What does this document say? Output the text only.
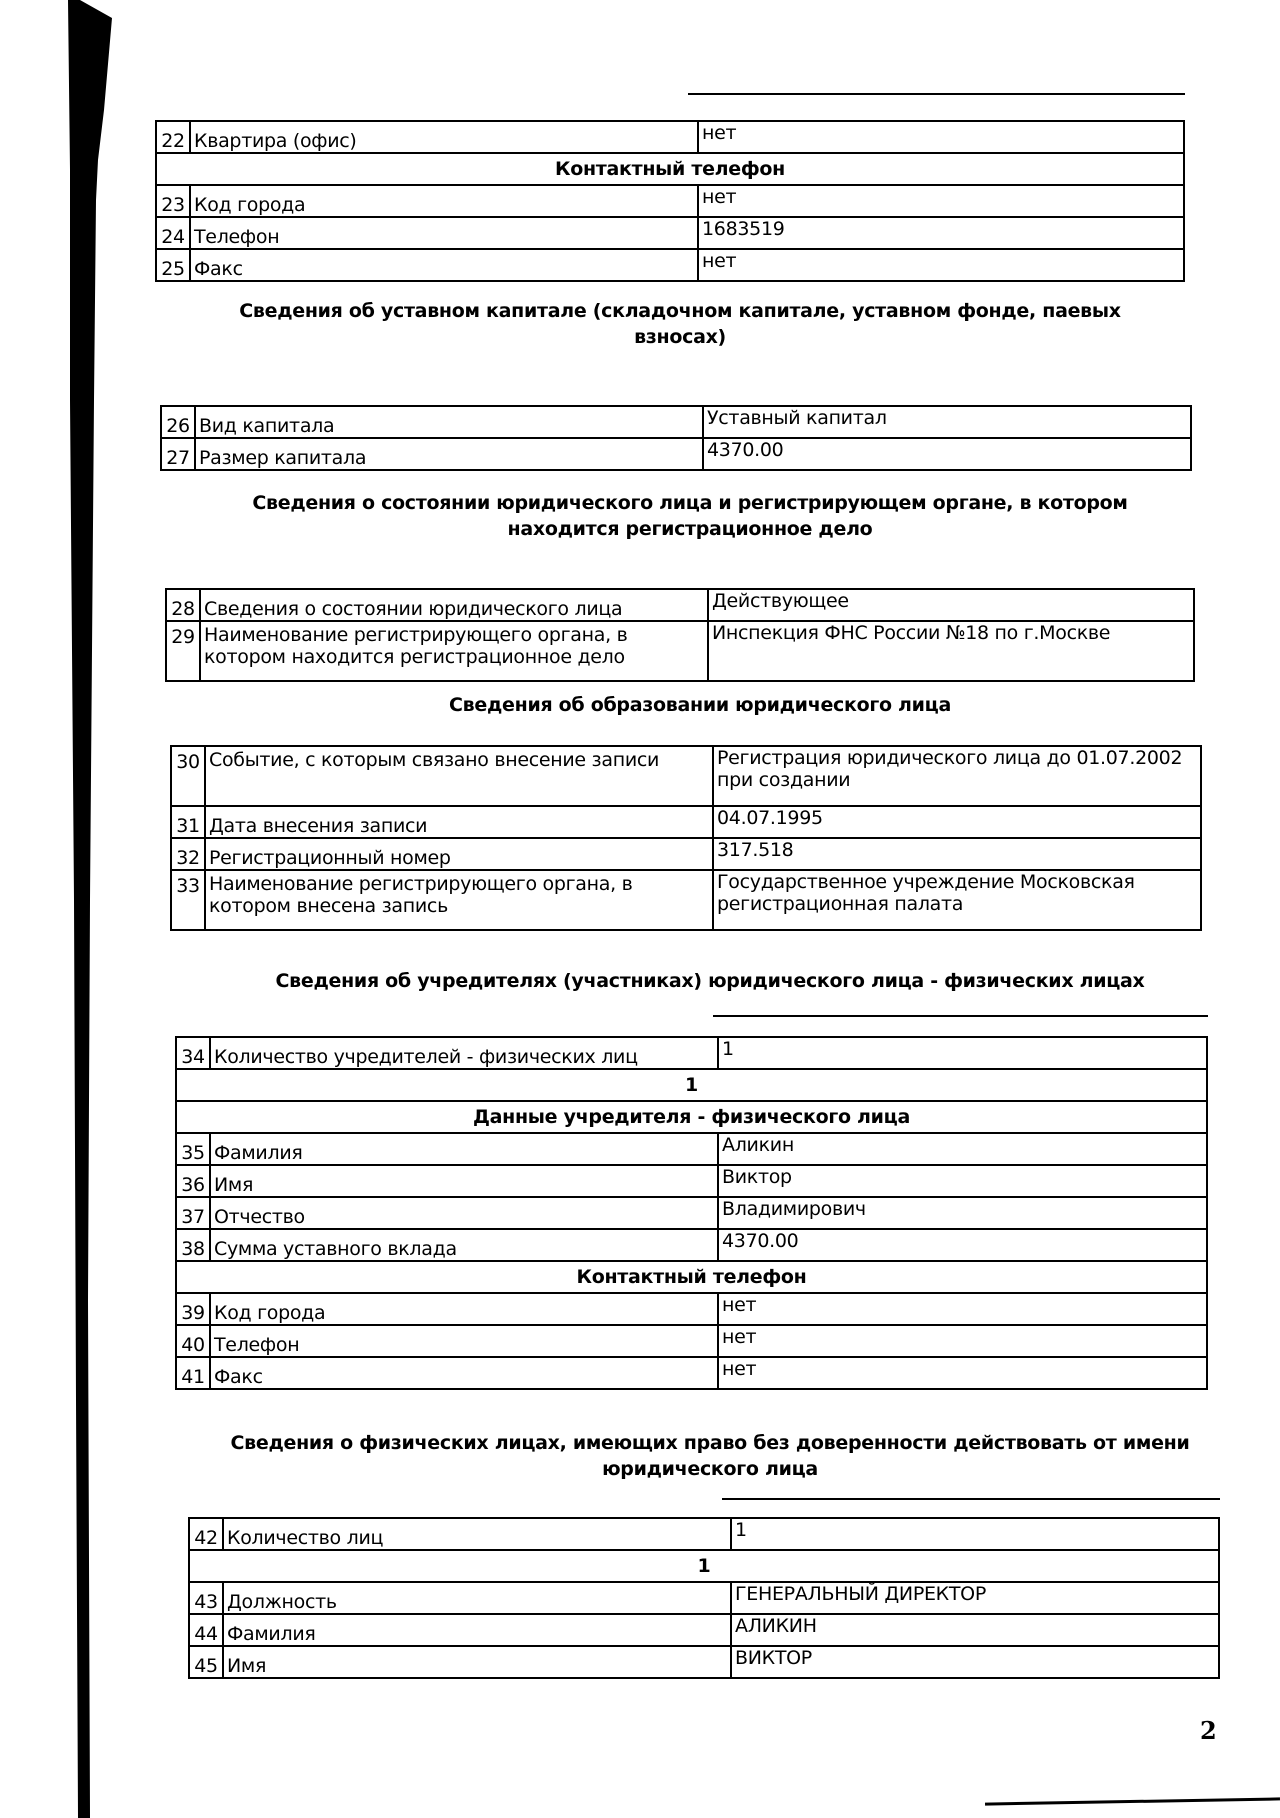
22	Квартира (офис)	нет
Контактный телефон		
23	Код города	нет
24	Телефон	1683519
25	Факс	нет
Сведения об уставном капитале (складочном капитале, уставном фонде, паевых взносах)
26	Вид капитала	Уставный капитал
27	Размер капитала	4370.00
Сведения о состоянии юридического лица и регистрирующем органе, в котором находится регистрационное дело
28	Сведения о состоянии юридического лица	Действующее
29	Наименование регистрирующего органа, в котором находится регистрационное дело	Инспекция ФНС России №18 по г.Москве
Сведения об образовании юридического лица
30	Событие, с которым связано внесение записи	Регистрация юридического лица до 01.07.2002 при создании
31	Дата внесения записи	04.07.1995
32	Регистрационный номер	317.518
33	Наименование регистрирующего органа, в котором внесена запись	Государственное учреждение Московская регистрационная палата
Сведения об учредителях (участниках) юридического лица - физических лицах
34	Количество учредителей - физических лиц	1
1		
Данные учредителя - физического лица		
35	Фамилия	Аликин
36	Имя	Виктор
37	Отчество	Владимирович
38	Сумма уставного вклада	4370.00
Контактный телефон		
39	Код города	нет
40	Телефон	нет
41	Факс	нет
Сведения о физических лицах, имеющих право без доверенности действовать от имени юридического лица
42	Количество лиц	1
1		
43	Должность	ГЕНЕРАЛЬНЫЙ ДИРЕКТОР
44	Фамилия	АЛИКИН
45	Имя	ВИКТОР
2
